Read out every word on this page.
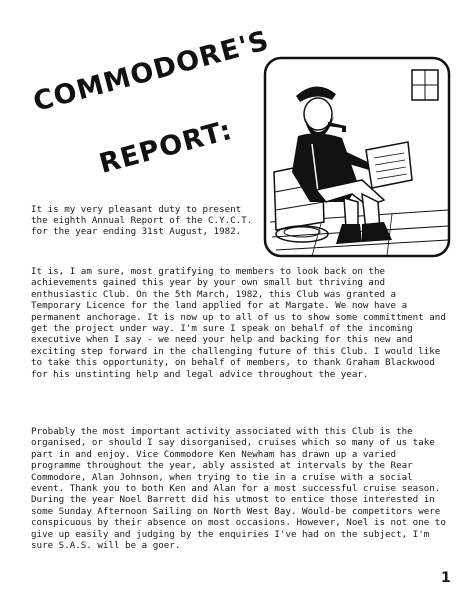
COMMODORE'S
REPORT:

It is my very pleasant duty to present the eighth Annual Report of the C.Y.C.T. for the year ending 31st August, 1982.

It is, I am sure, most gratifying to members to look back on the achievements gained this year by your own small but thriving and enthusiastic Club. On the 5th March, 1982, this Club was granted a Temporary Licence for the land applied for at Margate. We now have a permanent anchorage. It is now up to all of us to show some committment and get the project under way. I'm sure I speak on behalf of the incoming executive when I say - we need your help and backing for this new and exciting step forward in the challenging future of this Club. I would like to take this opportunity, on behalf of members, to thank Graham Blackwood for his unstinting help and legal advice throughout the year.

Probably the most important activity associated with this Club is the organised, or should I say disorganised, cruises which so many of us take part in and enjoy. Vice Commodore Ken Newham has drawn up a varied programme throughout the year, ably assisted at intervals by the Rear Commodore, Alan Johnson, when trying to tie in a cruise with a social event. Thank you to both Ken and Alan for a most successful cruise season. During the year Noel Barrett did his utmost to entice those interested in some Sunday Afternoon Sailing on North West Bay. Would-be competitors were conspicuous by their absence on most occasions. However, Noel is not one to give up easily and judging by the enquiries I've had on the subject, I'm sure S.A.S. will be a goer.

1
